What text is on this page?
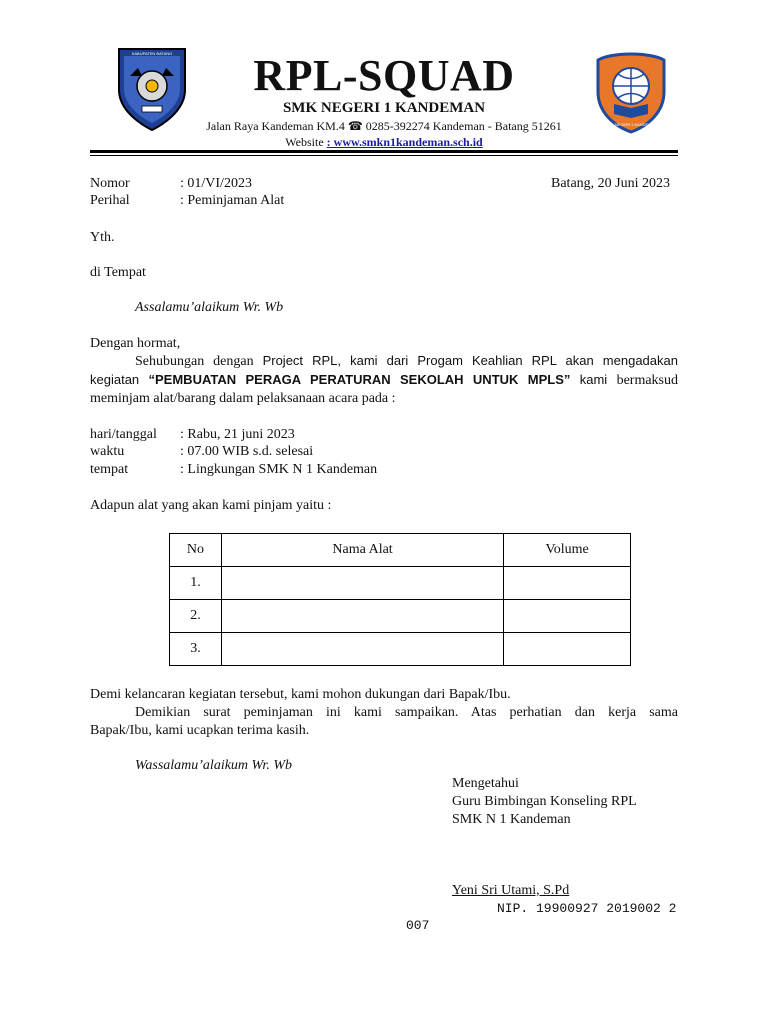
KABUPATEN BATANG
SMK NEGERI 1 KANDEMAN
RPL-SQUAD
SMK NEGERI 1 KANDEMAN
Jalan Raya Kandeman KM.4 ☎ 0285-392274 Kandeman - Batang 51261
Website : www.smkn1kandeman.sch.id
Nomor	: 01/VI/2023
Perihal	: Peminjaman Alat
Batang, 20 Juni 2023
Yth.
di Tempat
Assalamu’alaikum Wr. Wb
Dengan hormat,
Sehubungan dengan Project RPL, kami dari Progam Keahlian RPL akan mengadakan
kegiatan “PEMBUATAN PERAGA PERATURAN SEKOLAH UNTUK MPLS” kami bermaksud
meminjam alat/barang dalam pelaksanaan acara pada :
hari/tanggal : Rabu, 21 juni 2023
waktu	: 07.00 WIB s.d. selesai
tempat	: Lingkungan SMK N 1 Kandeman
Adapun alat yang akan kami pinjam yaitu :
No	Nama Alat	Volume
1.		
2.		
3.		
Demi kelancaran kegiatan tersebut, kami mohon dukungan dari Bapak/Ibu.
Demikian surat peminjaman ini kami sampaikan. Atas perhatian dan kerja sama
Bapak/Ibu, kami ucapkan terima kasih.
Wassalamu’alaikum Wr. Wb
Mengetahui
Guru Bimbingan Konseling RPL
SMK N 1 Kandeman
Yeni Sri Utami, S.Pd
NIP. 19900927 2019002 2
007
